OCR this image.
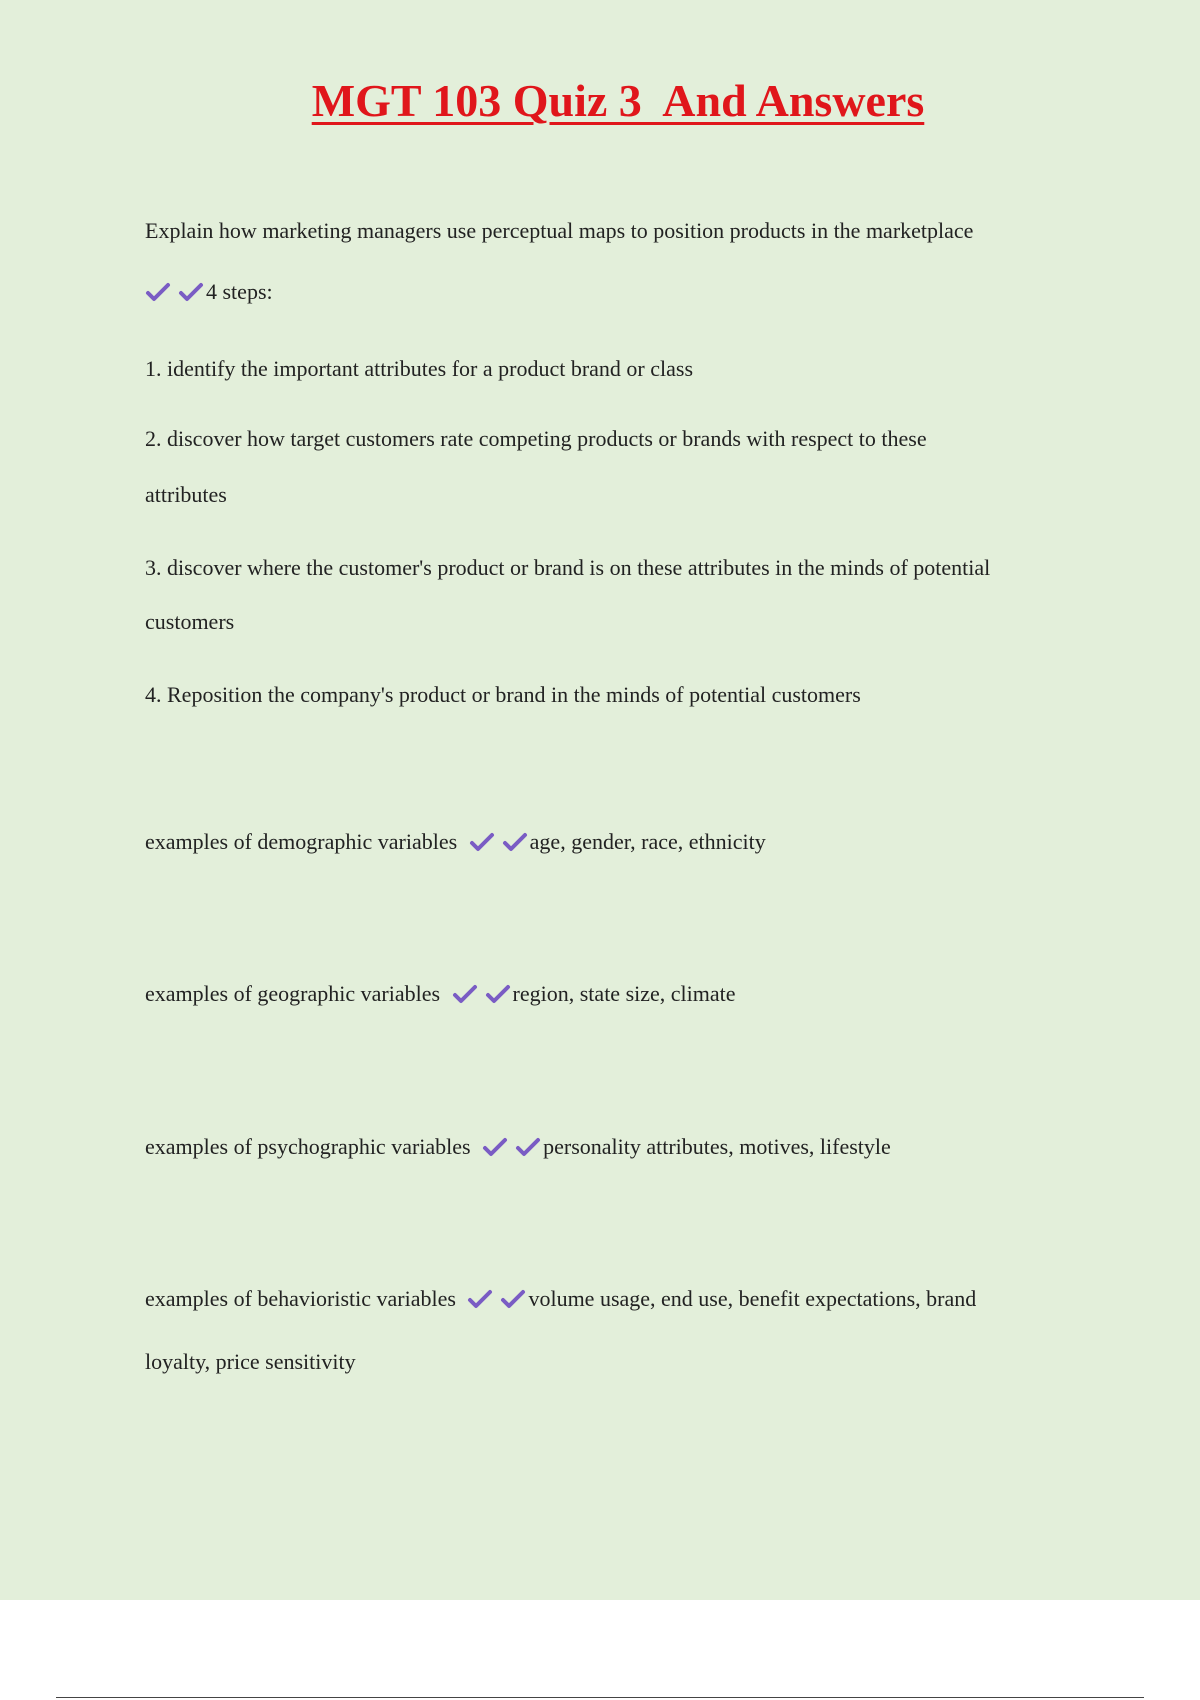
MGT 103 Quiz 3  And Answers
Explain how marketing managers use perceptual maps to position products in the marketplace
4 steps:
1. identify the important attributes for a product brand or class
2. discover how target customers rate competing products or brands with respect to these
attributes
3. discover where the customer's product or brand is on these attributes in the minds of potential
customers
4. Reposition the company's product or brand in the minds of potential customers
examples of demographic variables	age, gender, race, ethnicity
examples of geographic variables	region, state size, climate
examples of psychographic variables	personality attributes, motives, lifestyle
examples of behavioristic variables	volume usage, end use, benefit expectations, brand
loyalty, price sensitivity
